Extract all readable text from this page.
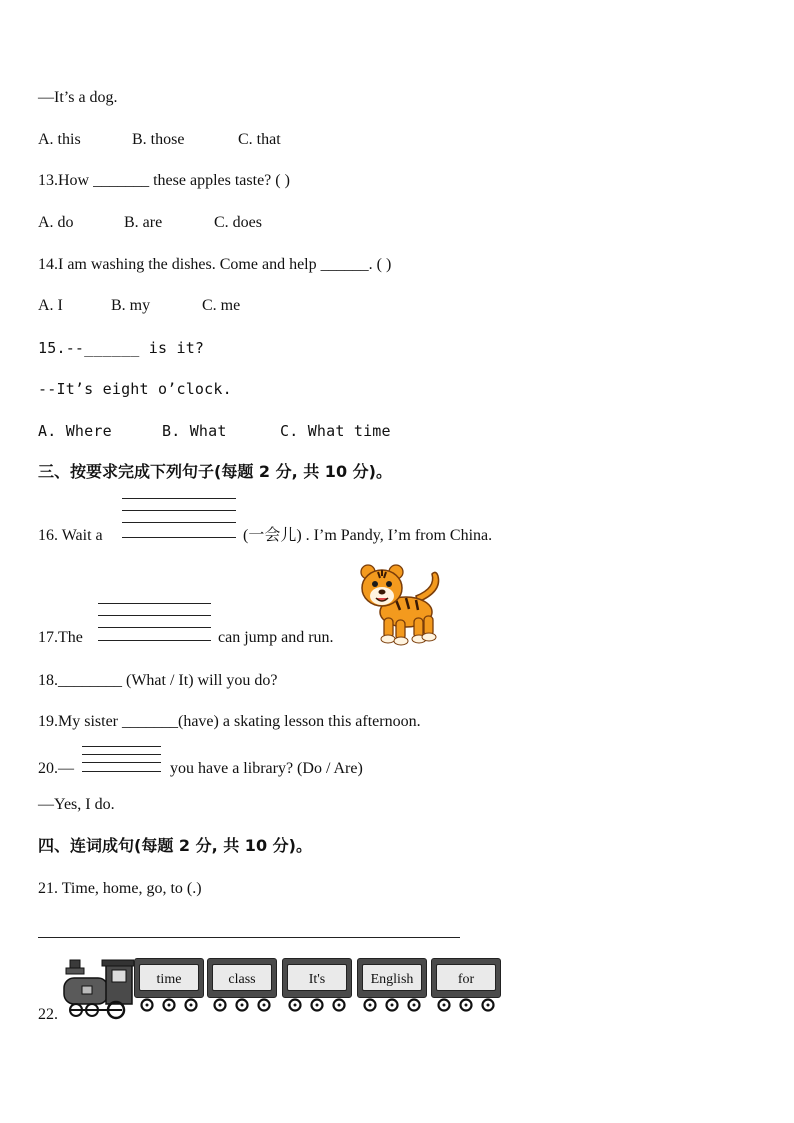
—It’s a dog.
A. this	B. those	C. that
13.How _______ these apples taste? ( )
A. do	B. are	C. does
14.I am washing the dishes. Come and help ______. ( )
A. I	B. my	C. me
15.--______ is it?
--It’s eight o’clock.
A. Where	B. What	C. What time
三、按要求完成下列句子(每题 2 分, 共 10 分)。
16. Wait a	(一会儿) . I’m Pandy, I’m from China.
17.The	can jump and run.
18.________ (What / It) will you do?
19.My sister _______(have) a skating lesson this afternoon.
20.—	you have a library? (Do / Are)
—Yes, I do.
四、连词成句(每题 2 分, 共 10 分)。
21. Time, home, go, to (.)
22.
time	class	It's	English	for
